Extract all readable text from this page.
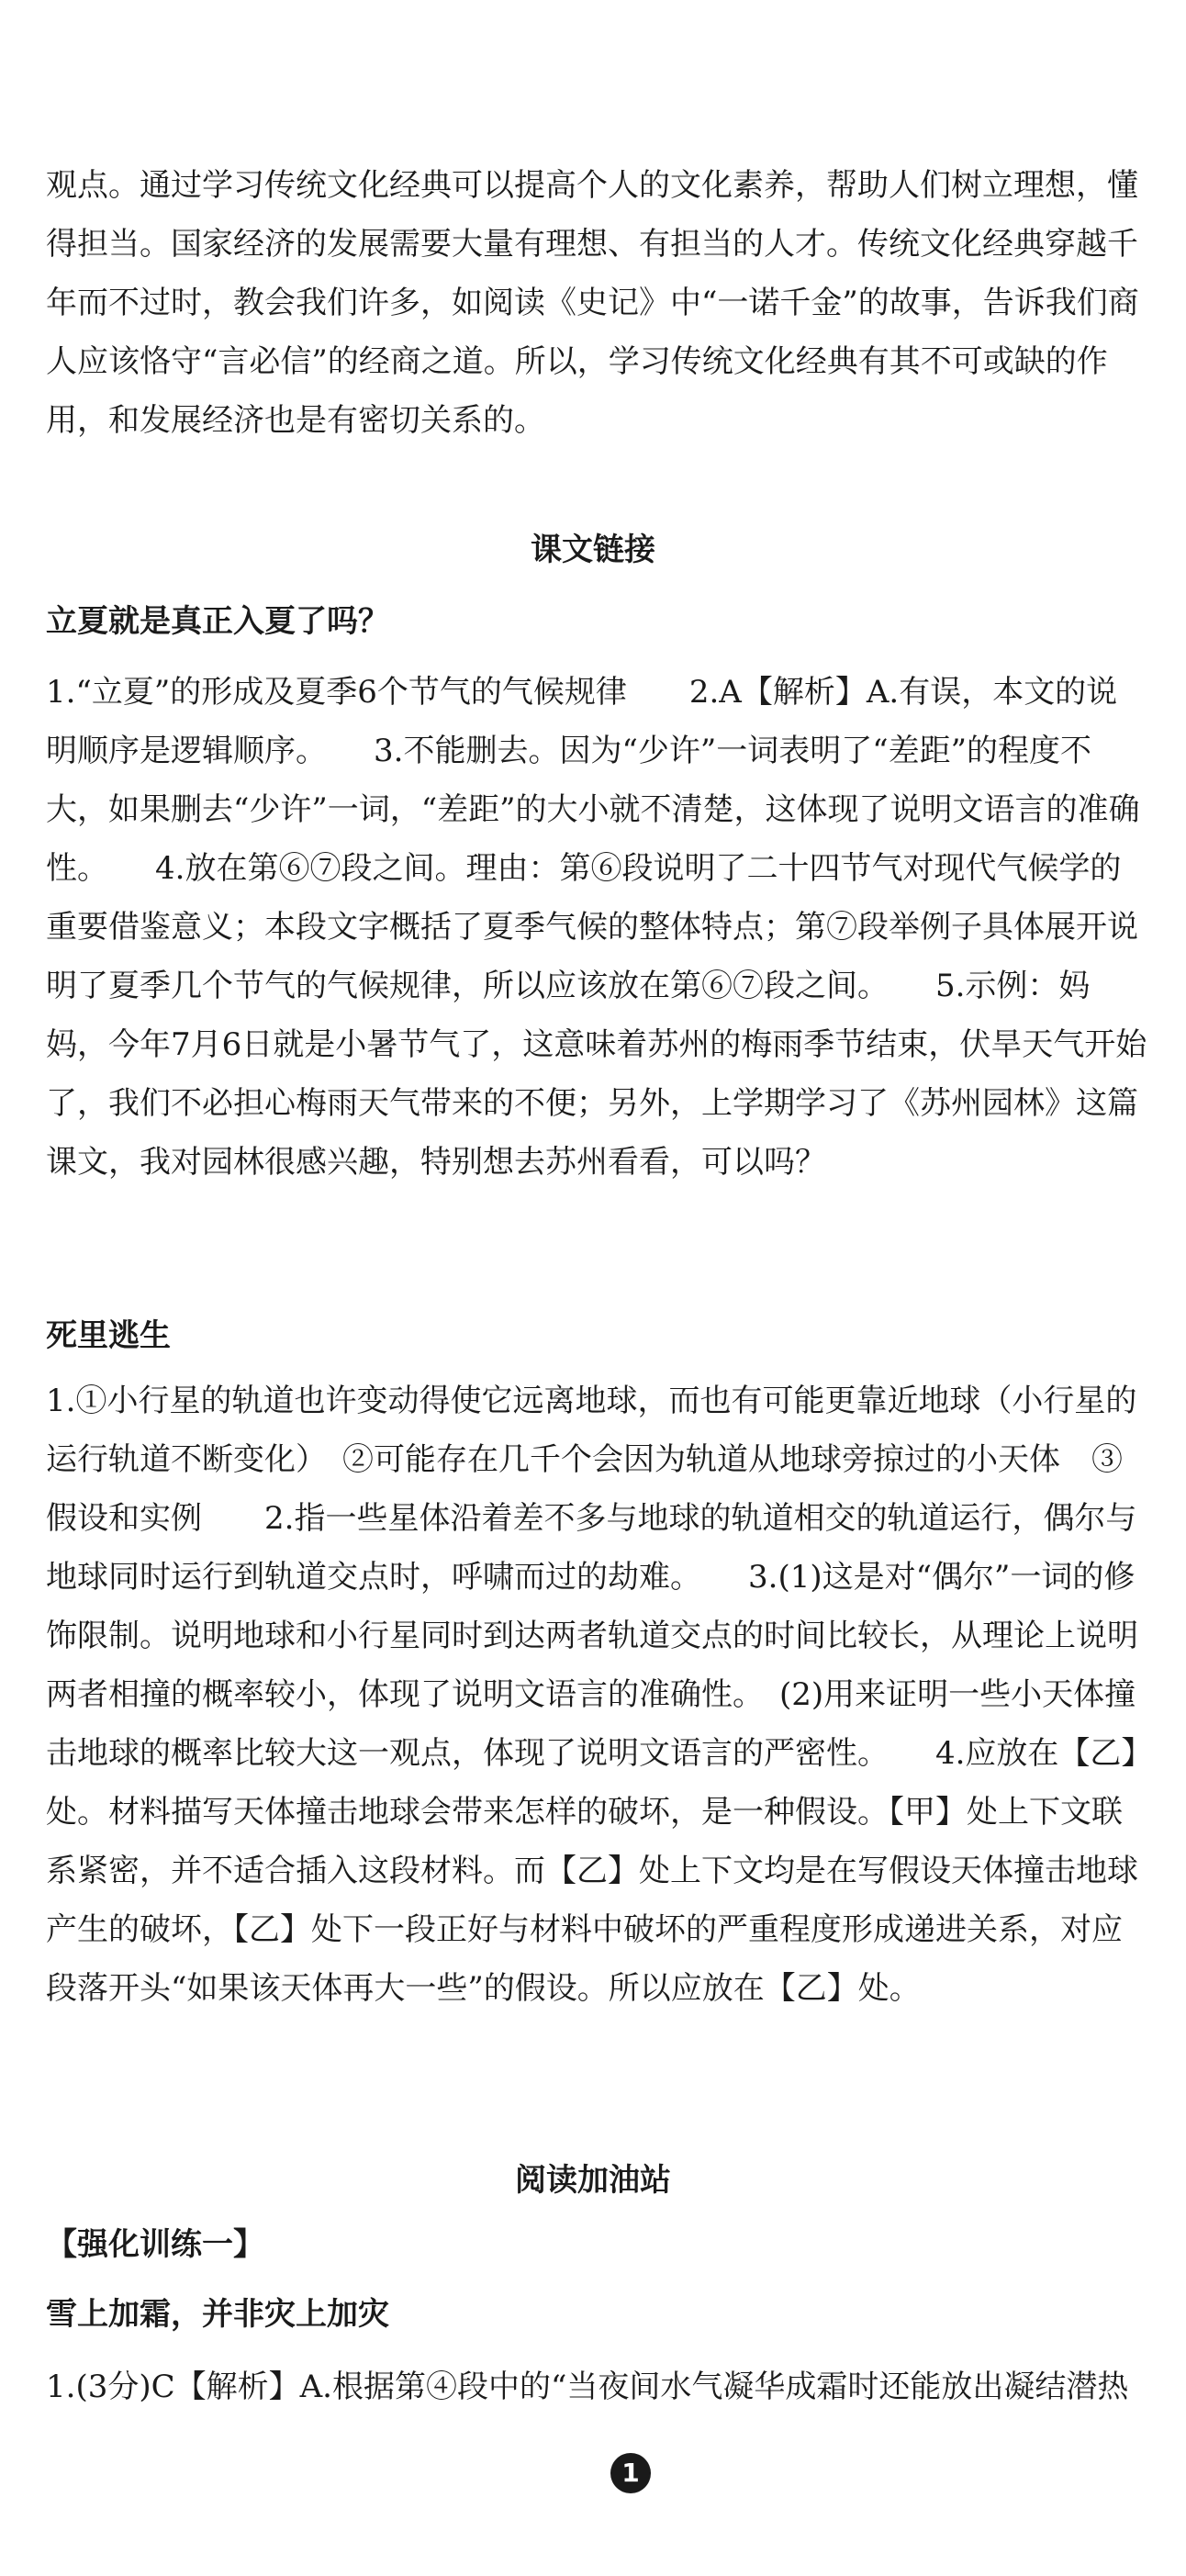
观点。通过学习传统文化经典可以提高个人的文化素养，帮助人们树立理想，懂得担当。国家经济的发展需要大量有理想、有担当的人才。传统文化经典穿越千年而不过时，教会我们许多，如阅读《史记》中“一诺千金”的故事，告诉我们商人应该恪守“言必信”的经商之道。所以，学习传统文化经典有其不可或缺的作用，和发展经济也是有密切关系的。

课文链接

立夏就是真正入夏了吗？

1.“立夏”的形成及夏季6个节气的气候规律　　2.A【解析】A.有误，本文的说明顺序是逻辑顺序。　　3.不能删去。因为“少许”一词表明了“差距”的程度不大，如果删去“少许”一词，“差距”的大小就不清楚，这体现了说明文语言的准确性。　　4.放在第⑥⑦段之间。理由：第⑥段说明了二十四节气对现代气候学的重要借鉴意义；本段文字概括了夏季气候的整体特点；第⑦段举例子具体展开说明了夏季几个节气的气候规律，所以应该放在第⑥⑦段之间。　　5.示例：妈妈，今年7月6日就是小暑节气了，这意味着苏州的梅雨季节结束，伏旱天气开始了，我们不必担心梅雨天气带来的不便；另外，上学期学习了《苏州园林》这篇课文，我对园林很感兴趣，特别想去苏州看看，可以吗？

死里逃生

1.①小行星的轨道也许变动得使它远离地球，而也有可能更靠近地球（小行星的运行轨道不断变化）　②可能存在几千个会因为轨道从地球旁掠过的小天体　③假设和实例　　2.指一些星体沿着差不多与地球的轨道相交的轨道运行，偶尔与地球同时运行到轨道交点时，呼啸而过的劫难。　　3.(1)这是对“偶尔”一词的修饰限制。说明地球和小行星同时到达两者轨道交点的时间比较长，从理论上说明两者相撞的概率较小，体现了说明文语言的准确性。　(2)用来证明一些小天体撞击地球的概率比较大这一观点，体现了说明文语言的严密性。　　4.应放在【乙】处。材料描写天体撞击地球会带来怎样的破坏，是一种假设。【甲】处上下文联系紧密，并不适合插入这段材料。而【乙】处上下文均是在写假设天体撞击地球产生的破坏，【乙】处下一段正好与材料中破坏的严重程度形成递进关系，对应段落开头“如果该天体再大一些”的假设。所以应放在【乙】处。

阅读加油站

【强化训练一】

雪上加霜，并非灾上加灾

1.(3分)C【解析】A.根据第④段中的“当夜间水气凝华成霜时还能放出凝结潜热

1
